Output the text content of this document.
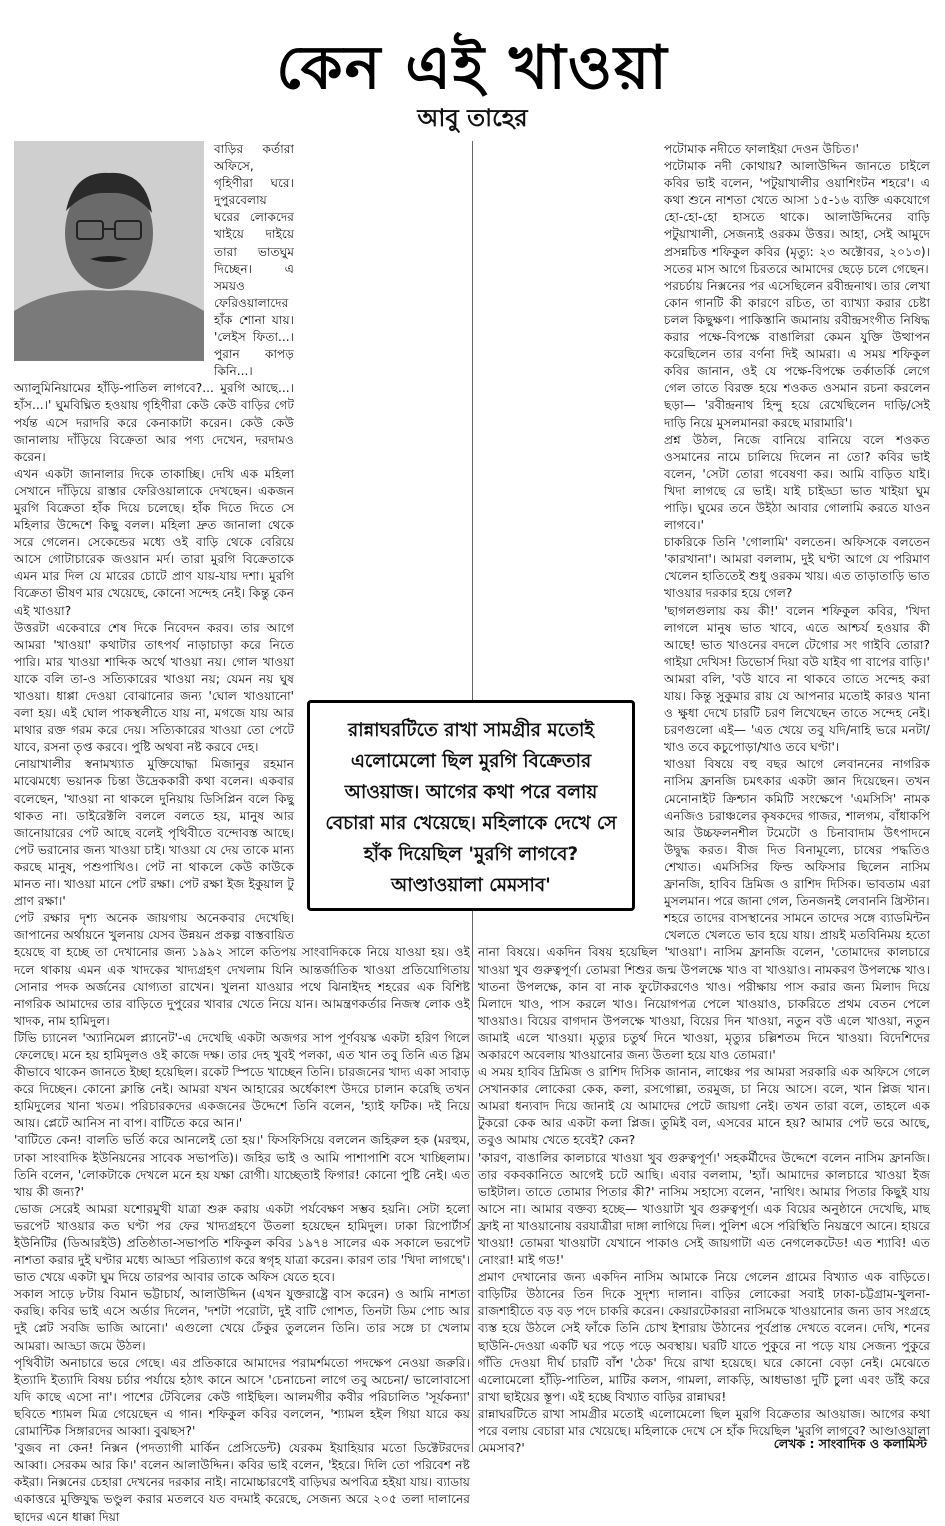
কেন এই খাওয়া
আবু তাহের

বাড়ির কর্তারা অফিসে, গৃহিণীরা ঘরে। দুপুরবেলায় ঘরের লোকদের খাইয়ে দাইয়ে তারা ভাতঘুম দিচ্ছেন। এ সময়ও ফেরিওয়ালাদের হাঁক শোনা যায়। 'লেইস ফিতা...। পুরান কাপড় কিনি...। অ্যালুমিনিয়ামের হাঁড়ি-পাতিল লাগবে?... মুরগি আছে...। হাঁস...।' ঘুমবিঘ্নিত হওয়ায় গৃহিণীরা কেউ কেউ বাড়ির গেট পর্যন্ত এসে দরাদরি করে কেনাকাটা করেন। কেউ কেউ জানালায় দাঁড়িয়ে বিক্রেতা আর পণ্য দেখেন, দরদামও করেন।

এখন একটা জানালার দিকে তাকাচ্ছি। দেখি এক মহিলা সেখানে দাঁড়িয়ে রাস্তার ফেরিওয়ালাকে দেখছেন। একজন মুরগি বিক্রেতা হাঁক দিয়ে চলেছে। হাঁক দিতে দিতে সে মহিলার উদ্দেশে কিছু বলল। মহিলা দ্রুত জানালা থেকে সরে গেলেন। সেকেন্ডের মধ্যে ওই বাড়ি থেকে বেরিয়ে আসে গোটাচারেক জওয়ান মর্দ। তারা মুরগি বিক্রেতাকে এমন মার দিল যে মারের চোটে প্রাণ যায়-যায় দশা। মুরগি বিক্রেতা ভীষণ মার খেয়েছে, কোনো সন্দেহ নেই। কিন্তু কেন এই খাওয়া?

উত্তরটা একেবারে শেষ দিকে নিবেদন করব। তার আগে আমরা 'খাওয়া' কথাটার তাৎপর্য নাড়াচাড়া করে নিতে পারি। মার খাওয়া শাব্দিক অর্থে খাওয়া নয়। গোল খাওয়া যাকে বলি তা-ও সত্যিকারের খাওয়া নয়; যেমন নয় ঘুষ খাওয়া। ধাপ্পা দেওয়া বোঝানোর জন্য 'ঘোল খাওয়ানো' বলা হয়। এই ঘোল পাকস্থলীতে যায় না, মগজে যায় আর মাথার রক্ত গরম করে দেয়। সত্যিকারের খাওয়া তো পেটে যাবে, রসনা তৃপ্ত করবে। পুষ্টি অথবা নষ্ট করবে দেহ।

নোয়াখালীর স্বনামখ্যাত মুক্তিযোদ্ধা মিজানুর রহমান মাঝেমধ্যে ভয়ানক চিন্তা উদ্রেককারী কথা বলেন। একবার বলেছেন, 'খাওয়া না থাকলে দুনিয়ায় ডিসিপ্লিন বলে কিছু থাকত না। ডাইরেক্টলি বললে বলতে হয়, মানুষ আর জানোয়ারের পেট আছে বলেই পৃথিবীতে বন্দোবস্ত আছে। পেট ভরানোর জন্য খাওয়া চাই। খাওয়া যে দেয় তাকে মান্য করছে মানুষ, পশুপাখিও। পেট না থাকলে কেউ কাউকে মানত না। খাওয়া মানে পেট রক্ষা। পেট রক্ষা ইজ ইকুয়াল টু প্রাণ রক্ষা।'

পেট রক্ষার দৃশ্য অনেক জায়গায় অনেকবার দেখেছি। জাপানের অর্থায়নে খুলনায় যেসব উন্নয়ন প্রকল্প বাস্তবায়িত হয়েছে বা হচ্ছে তা দেখানোর জন্য ১৯৯২ সালে কতিপয় সাংবাদিককে নিয়ে যাওয়া হয়। ওই দলে থাকায় এমন এক খাদকের খাদ্যগ্রহণ দেখলাম যিনি আন্তর্জাতিক খাওয়া প্রতিযোগিতায় সোনার পদক অর্জনের যোগ্যতা রাখেন। খুলনা যাওয়ার পথে ঝিনাইদহ শহরের এক বিশিষ্ট নাগরিক আমাদের তার বাড়িতে দুপুরের খাবার খেতে নিয়ে যান। আমন্ত্রণকর্তার নিজস্ব লোক ওই খাদক, নাম হামিদুল।

টিভি চ্যানেল 'অ্যানিমেল প্ল্যানেট'-এ দেখেছি একটা অজগর সাপ পূর্ণবয়স্ক একটা হরিণ গিলে ফেলেছে। মনে হয় হামিদুলও ওই কাজে দক্ষ। তার দেহ খুবই পলকা, এত খান তবু তিনি এত স্লিম কীভাবে থাকেন জানতে ইচ্ছা হয়েছিল। রকেট স্পিডে খাচ্ছেন তিনি। চারজনের খাদ্য একা সাবাড় করে দিচ্ছেন। কোনো ক্লান্তি নেই। আমরা যখন আহারের অর্ধেকাংশ উদরে চালান করেছি তখন হামিদুলের খানা খতম। পরিচারকদের একজনের উদ্দেশে তিনি বলেন, 'হ্যাই ফটিক। দই নিয়ে আয়। প্লেটে আনিস না বাপ। বাটিতে করে আন।'

'বাটিতে কেন! বালতি ভর্তি করে আনলেই তো হয়।' ফিসফিসিয়ে বললেন জহিরুল হক (মরহুম, ঢাকা সাংবাদিক ইউনিয়নের সাবেক সভাপতি)। জহির ভাই ও আমি পাশাপাশি বসে খাচ্ছিলাম। তিনি বলেন, 'লোকটাকে দেখলে মনে হয় যক্ষা রোগী। যাচ্ছেতাই ফিগার! কোনো পুষ্টি নেই। এত খায় কী জন্য?'

ভোজ সেরেই আমরা যশোরমুখী যাত্রা শুরু করায় একটা পর্যবেক্ষণ সম্ভব হয়নি। সেটা হলো ভরপেট খাওয়ার কত ঘণ্টা পর ফের খাদ্যগ্রহণে উতলা হয়েছেন হামিদুল। ঢাকা রিপোর্টার্স ইউনিটির (ডিআরইউ) প্রতিষ্ঠাতা-সভাপতি শফিকুল কবির ১৯৭৪ সালের এক সকালে ভরপেট নাশতা করার দুই ঘণ্টার মধ্যে আড্ডা পরিত্যাগ করে স্বগৃহ যাত্রা করেন। কারণ তার 'খিদা লাগছে'। ভাত খেয়ে একটা ঘুম দিয়ে তারপর আবার তাকে অফিস যেতে হবে।

সকাল সাড়ে ৮টায় বিমান ভট্টাচার্য, আলাউদ্দিন (এখন যুক্তরাষ্ট্রে বাস করেন) ও আমি নাশতা করছি। কবির ভাই এসে অর্ডার দিলেন, 'দশটা পরোটা, দুই বাটি গোশত, তিনটা ডিম পোচ আর দুই প্লেট সবজি ভাজি আনো।' এগুলো খেয়ে ঢেঁকুর তুললেন তিনি। তার সঙ্গে চা খেলাম আমরা। আড্ডা জমে উঠল।

পৃথিবীটা অনাচারে ভরে গেছে। এর প্রতিকারে আমাদের পরামর্শমতো পদক্ষেপ নেওয়া জরুরি। ইত্যাদি ইত্যাদি বিষয় চর্চার পর্যায়ে হঠাৎ কানে আসে 'চেনাচেনা লাগে তবু অচেনা/ ভালোবাসো যদি কাছে এসো না'। পাশের টেবিলের কেউ গাইছিল। আলমগীর কবীর পরিচালিত 'সূর্যকন্যা' ছবিতে শ্যামল মিত্র গেয়েছেন এ গান। শফিকুল কবির বললেন, 'শ্যামল হইল গিয়া যারে কয় রোমান্টিক সিঙ্গারদের আব্বা। বুঝছস?'

'বুজব না কেন! নিক্সন (পদত্যাগী মার্কিন প্রেসিডেন্ট) যেরকম ইয়াহিয়ার মতো ডিক্টেটরদের আব্বা। সেরকম আর কি।' বলেন আলাউদ্দিন। কবির ভাই বলেন, 'ইহরে। দিলি তো পরিবেশ নষ্ট কইরা। নিক্সনের চেহারা দেখনের দরকার নাই। নামোচ্চারণেই বাড়িঘর অপবিত্র হইয়া যায়। ব্যাডায় একাত্তরে মুক্তিযুদ্ধ ভণ্ডুল করার মতলবে যত বদমাই করেছে, সেজন্য অরে ২০৫ তলা দালানের ছাদের এনে ধাক্কা দিয়া

পটোমাক নদীতে ফালাইয়া দেওন উচিত।'

পটোমাক নদী কোথায়? আলাউদ্দিন জানতে চাইলে কবির ভাই বলেন, 'পটুয়াখালীর ওয়াশিংটন শহরে'। এ কথা শুনে নাশতা খেতে আসা ১৫-১৬ ব্যক্তি একযোগে হো-হো-হো হাসতে থাকে। আলাউদ্দিনের বাড়ি পটুয়াখালী, সেজন্যই ওরকম উত্তর। আহা, সেই আমুদে প্রসন্নচিত্ত শফিকুল কবির (মৃত্যু: ২৩ অক্টোবর, ২০১৩)। সতের মাস আগে চিরতরে আমাদের ছেড়ে চলে গেছেন।

পরচর্চায় নিক্সনের পর এসেছিলেন রবীন্দ্রনাথ। তার লেখা কোন গানটি কী কারণে রচিত, তা ব্যাখ্যা করার চেষ্টা চলল কিছুক্ষণ। পাকিস্তানি জমানায় রবীন্দ্রসংগীত নিষিদ্ধ করার পক্ষে-বিপক্ষে বাঙালিরা কেমন যুক্তি উত্থাপন করেছিলেন তার বর্ণনা দিই আমরা। এ সময় শফিকুল কবির জানান, ওই যে পক্ষে-বিপক্ষে তর্কাতর্কি লেগে গেল তাতে বিরক্ত হয়ে শওকত ওসমান রচনা করলেন ছড়া— 'রবীন্দ্রনাথ হিন্দু হয়ে রেখেছিলেন দাড়ি/সেই দাড়ি নিয়ে মুসলমানরা করছে মারামারি'।

প্রশ্ন উঠল, নিজে বানিয়ে বানিয়ে বলে শওকত ওসমানের নামে চালিয়ে দিলেন না তো? কবির ভাই বলেন, 'সেটা তোরা গবেষণা কর। আমি বাড়িত যাই। খিদা লাগছে রে ভাই। যাই চাইড্ডা ভাত খাইয়া ঘুম পাড়ি। ঘুমের তনে উইঠা আবার গোলামি করতে যাওন লাগবে।'

চাকরিকে তিনি 'গোলামি' বলতেন। অফিসকে বলতেন 'কারখানা'। আমরা বললাম, দুই ঘণ্টা আগে যে পরিমাণ খেলেন হাতিতেই শুধু ওরকম খায়। এত তাড়াতাড়ি ভাত খাওয়ার দরকার হয়ে গেল?

'ছাগলগুলায় কয় কী!' বলেন শফিকুল কবির, 'খিদা লাগলে মানুষ ভাত খাবে, এতে আশ্চর্য হওয়ার কী আছে! ভাত খাওনের বদলে টেগোর সং গাইবি তোরা? গাইয়া দেখিস! ডিভোর্স দিয়া বউ যাইব গা বাপের বাড়ি।'

আমরা বলি, 'বউ যাবে না থাকবে তাতে সন্দেহ করা যায়। কিন্তু সুকুমার রায় যে আপনার মতোই কারও খানা ও ক্ষুধা দেখে চারটি চরণ লিখেছেন তাতে সন্দেহ নেই। চরণগুলো এই— 'এত খেয়ে তবু যদি/নাহি ভরে মনটা/খাও তবে কচুপোড়া/খাও তবে ঘণ্টা'।

খাওয়া বিষয়ে বহু বছর আগে লেবাননের নাগরিক নাসিম ফ্রানজি চমৎকার একটা জ্ঞান দিয়েছেন। তখন মেনোনাইট ক্রিশ্চান কমিটি সংক্ষেপে 'এমসিসি' নামক এনজিও চরাঞ্চলের কৃষকদের গাজর, শালগম, বাঁধাকপি আর উচ্চফলনশীল টমেটো ও চিনাবাদাম উৎপাদনে উদ্বুদ্ধ করত। বীজ দিত বিনামূল্যে, চাষের পদ্ধতিও শেখাত। এমসিসির ফিল্ড অফিসার ছিলেন নাসিম ফ্রানজি, হাবিব দ্রিমিজ ও রাশিদ দিসিক। ভাবতাম এরা মুসলমান। পরে জানা গেল, তিনজনই লেবাননি খ্রিস্টান।

শহরে তাদের বাসস্থানের সামনে তাদের সঙ্গে ব্যাডমিন্টন খেলতে খেলতে ভাব হয়ে যায়। প্রায়ই মতবিনিময় হতো নানা বিষয়ে। একদিন বিষয় হয়েছিল 'খাওয়া'। নাসিম ফ্রানজি বলেন, 'তোমাদের কালচারে খাওয়া খুব গুরুত্বপূর্ণ। তোমরা শিশুর জন্ম উপলক্ষে খাও বা খাওয়াও। নামকরণ উপলক্ষে খাও। খাতনা উপলক্ষে, কান বা নাক ফুটোকরণেও খাও। পরীক্ষায় পাস করার জন্য মিলাদ দিয়ে মিলাদে খাও, পাস করলে খাও। নিয়োগপত্র পেলে খাওয়াও, চাকরিতে প্রথম বেতন পেলে খাওয়াও। বিয়ের বাগদান উপলক্ষে খাওয়া, বিয়ের দিন খাওয়া, নতুন বউ এলে খাওয়া, নতুন জামাই এলে খাওয়া। মৃত্যুর চতুর্থ দিনে খাওয়া, মৃত্যুর চল্লিশতম দিনে খাওয়া। বিদেশিদের অকারণে অবেলায় খাওয়ানোর জন্য উতলা হয়ে যাও তোমরা।'

এ সময় হাবিব দ্রিমিজ ও রাশিদ দিসিক জানান, লাঞ্চের পর আমরা সরকারি এক অফিসে গেলে সেখানকার লোকেরা কেক, কলা, রসগোল্লা, তরমুজ, চা নিয়ে আসে। বলে, খান প্লিজ খান। আমরা ধন্যবাদ দিয়ে জানাই যে আমাদের পেটে জায়গা নেই। তখন তারা বলে, তাহলে এক টুকরো কেক আর একটা কলা প্লিজ। তুমিই বল, এসবের মানে হয়? আমার পেট ভরে আছে, তবুও আমায় খেতে হবেই? কেন?

'কারণ, বাঙালির কালচারে খাওয়া খুব গুরুত্বপূর্ণ।' সহকর্মীদের উদ্দেশে বলেন নাসিম ফ্রানজি। তার বকবকানিতে আগেই চটে আছি। এবার বললাম, 'হ্যাঁ। আমাদের কালচারে খাওয়া ইজ ভাইটাল। তাতে তোমার পিতার কী?' নাসিম সহাস্যে বলেন, 'নাথিং। আমার পিতার কিছুই যায় আসে না। আমার বক্তব্য হচ্ছে— খাওয়াটা খুব গুরুত্বপূর্ণ। এক বিয়ের অনুষ্ঠানে দেখেছি, মাছ ফ্রাই না খাওয়ানোয় বরযাত্রীরা দাঙ্গা লাগিয়ে দিল। পুলিশ এসে পরিস্থিতি নিয়ন্ত্রণে আনে। হায়রে খাওয়া! তোমরা খাওয়াটা যেখানে পাকাও সেই জায়গাটা এত নেগলেকটেড! এত শ্যাবি! এত নোংরা! মাই গড!'

প্রমাণ দেখানোর জন্য একদিন নাসিম আমাকে নিয়ে গেলেন গ্রামের বিখ্যাত এক বাড়িতে। বাড়িটির উঠানের তিন দিকে সুদৃশ্য দালান। বাড়ির লোকেরা সবাই ঢাকা-চট্টগ্রাম-খুলনা-রাজশাহীতে বড় বড় পদে চাকরি করেন। কেয়ারটেকাররা নাসিমকে খাওয়ানোর জন্য ডাব সংগ্রহে ব্যস্ত হয়ে উঠলে সেই ফাঁকে তিনি চোখ ইশারায় উঠানের পূর্বপ্রান্ত দেখতে বলেন। দেখি, শনের ছাউনি-দেওয়া একটি ঘর পড়ে পড়ে অবস্থায়। ঘরটি যাতে পুকুরে না পড়ে যায় সেজন্য পুকুরে গাঁতি দেওয়া দীর্ঘ চারটি বাঁশ 'ঠেক' দিয়ে রাখা হয়েছে। ঘরে কোনো বেড়া নেই। মেঝেতে এলোমেলো হাঁড়ি-পাতিল, মাটির কলস, গামলা, লাকড়ি, আধভাঙা দুটি চুলা এবং ডাঁই করে রাখা ছাইয়ের স্তূপ। এই হচ্ছে বিখ্যাত বাড়ির রান্নাঘর!

রান্নাঘরটিতে রাখা সামগ্রীর মতোই এলোমেলো ছিল মুরগি বিক্রেতার আওয়াজ। আগের কথা পরে বলায় বেচারা মার খেয়েছে। মহিলাকে দেখে সে হাঁক দিয়েছিল 'মুরগি লাগবে? আণ্ডাওয়ালা মেমসাব?'

রান্নাঘরটিতে রাখা সামগ্রীর মতোই এলোমেলো ছিল মুরগি বিক্রেতার আওয়াজ। আগের কথা পরে বলায় বেচারা মার খেয়েছে। মহিলাকে দেখে সে হাঁক দিয়েছিল 'মুরগি লাগবে? আণ্ডাওয়ালা মেমসাব'
লেখক : সাংবাদিক ও কলামিস্ট
